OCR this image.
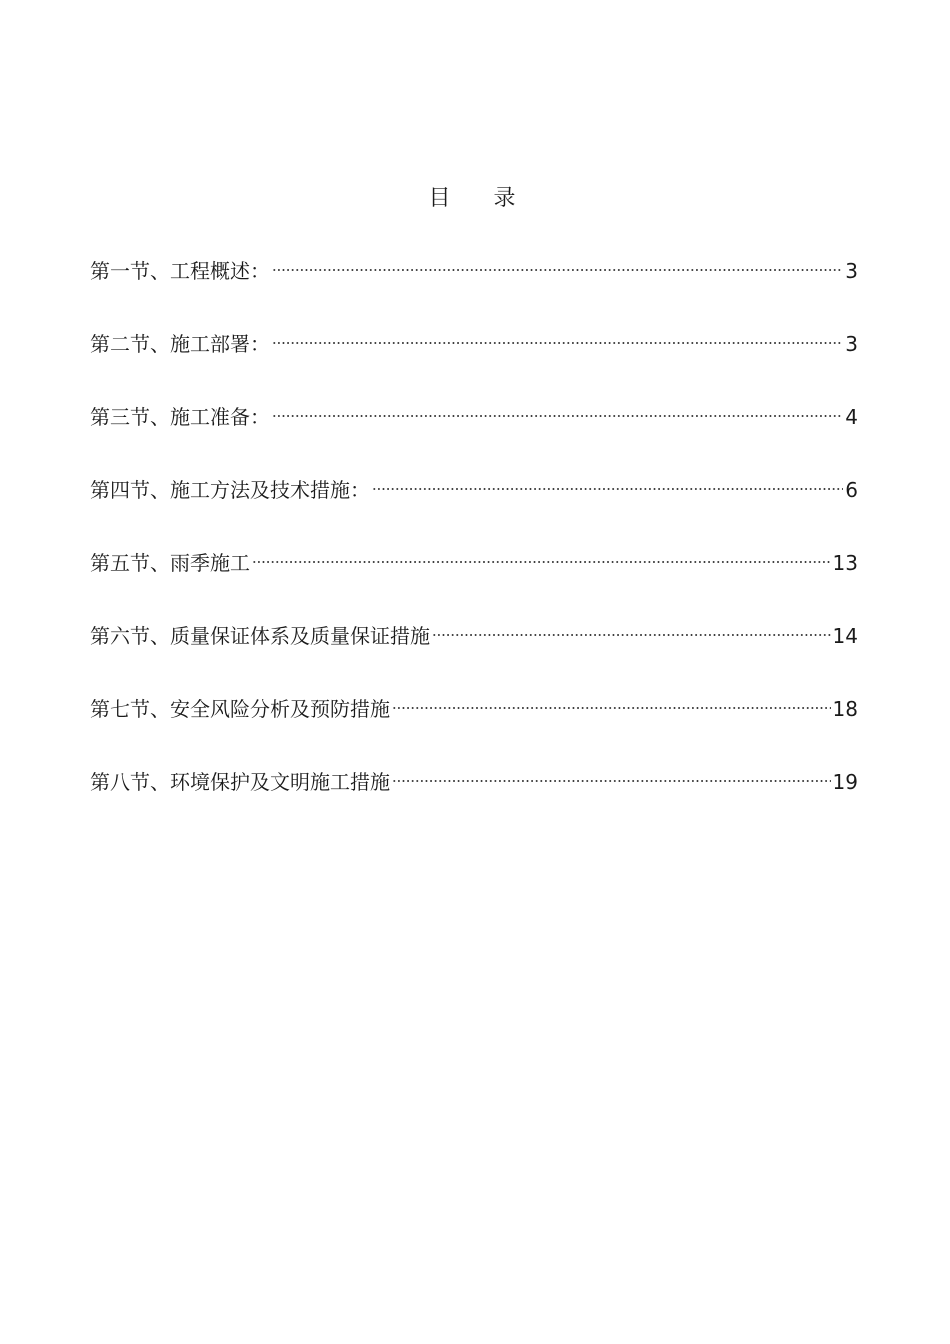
目 录
第一节、工程概述：	3
第二节、施工部署：	3
第三节、施工准备：	4
第四节、施工方法及技术措施：	6
第五节、雨季施工	13
第六节、质量保证体系及质量保证措施	14
第七节、安全风险分析及预防措施	18
第八节、环境保护及文明施工措施	19
